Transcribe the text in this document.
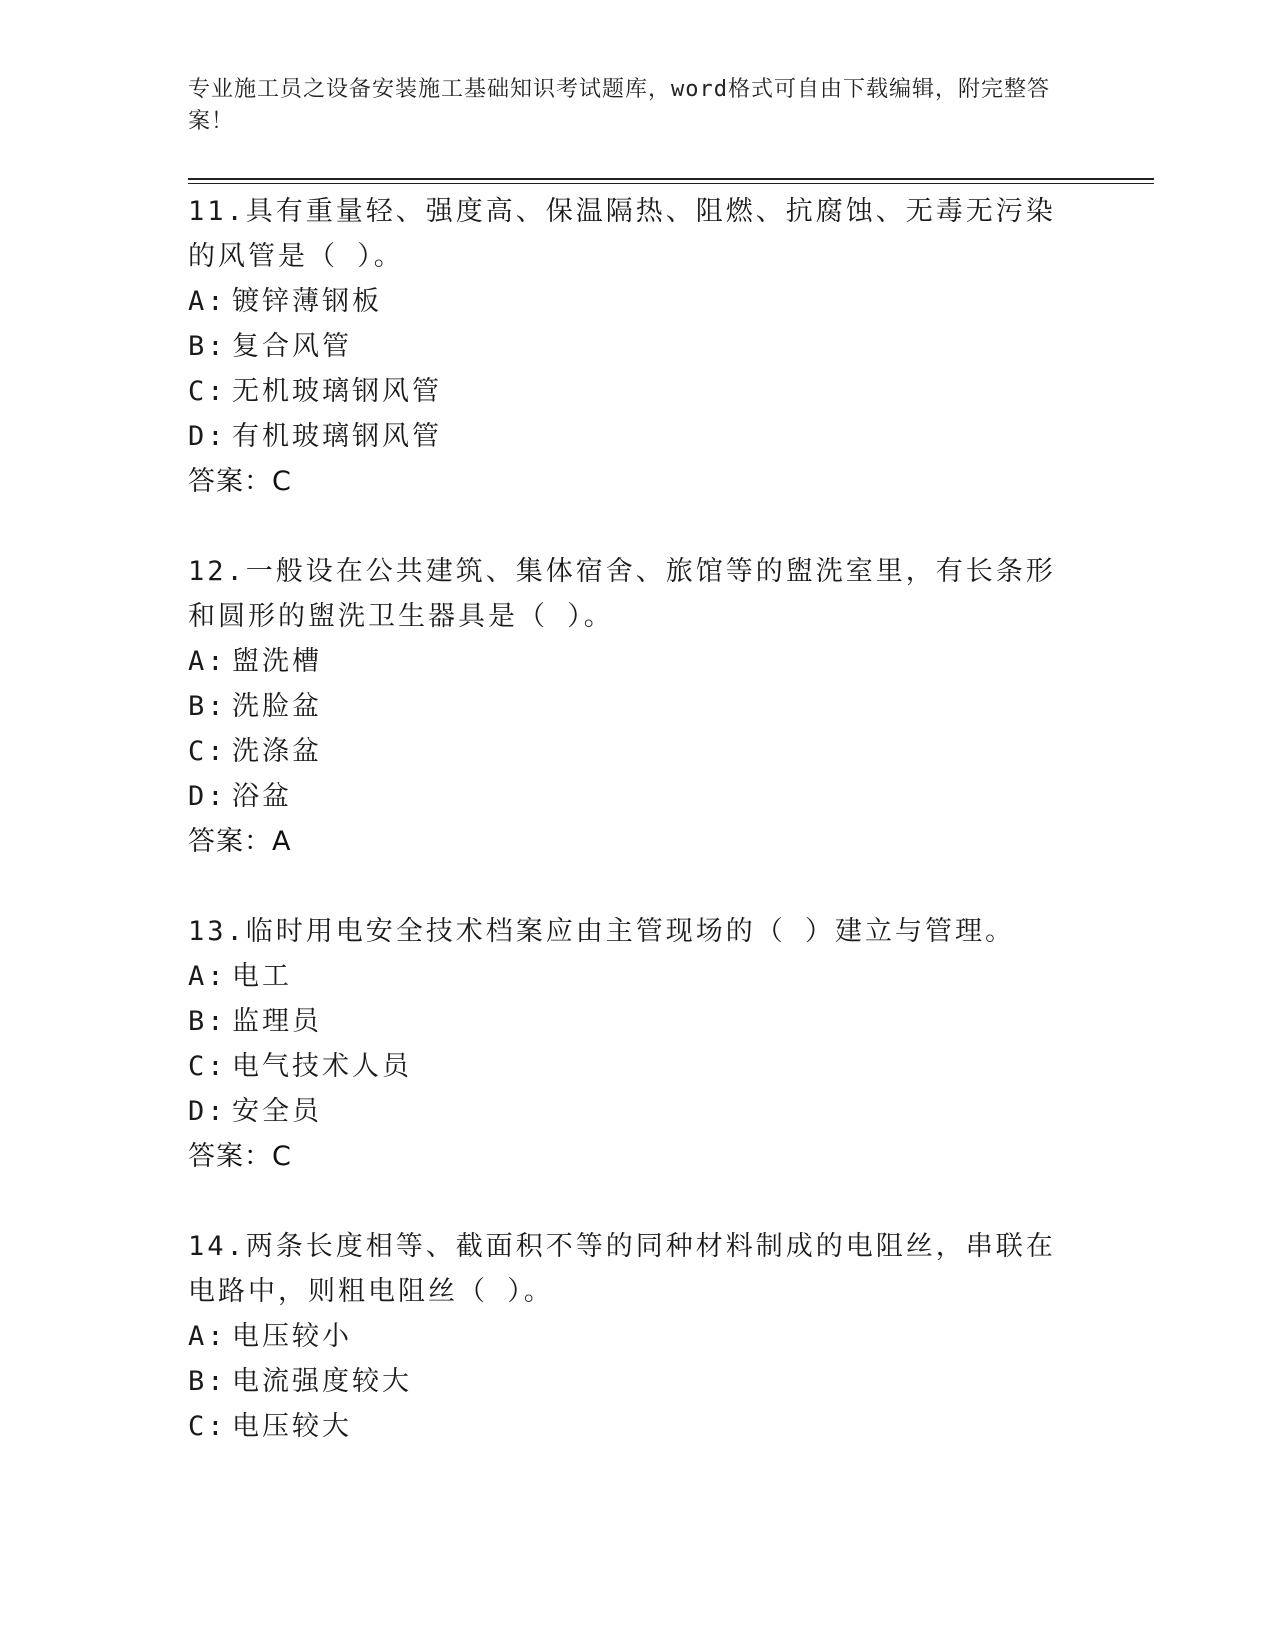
专业施工员之设备安装施工基础知识考试题库，word格式可自由下载编辑，附完整答案！
11.具有重量轻、强度高、保温隔热、阻燃、抗腐蚀、无毒无污染的风管是（ ）。
A: 镀锌薄钢板
B: 复合风管
C: 无机玻璃钢风管
D: 有机玻璃钢风管
答案：C
12.一般设在公共建筑、集体宿舍、旅馆等的盥洗室里，有长条形和圆形的盥洗卫生器具是（ ）。
A: 盥洗槽
B: 洗脸盆
C: 洗涤盆
D: 浴盆
答案：A
13.临时用电安全技术档案应由主管现场的（ ）建立与管理。
A: 电工
B: 监理员
C: 电气技术人员
D: 安全员
答案：C
14.两条长度相等、截面积不等的同种材料制成的电阻丝，串联在电路中，则粗电阻丝（ ）。
A: 电压较小
B: 电流强度较大
C: 电压较大
